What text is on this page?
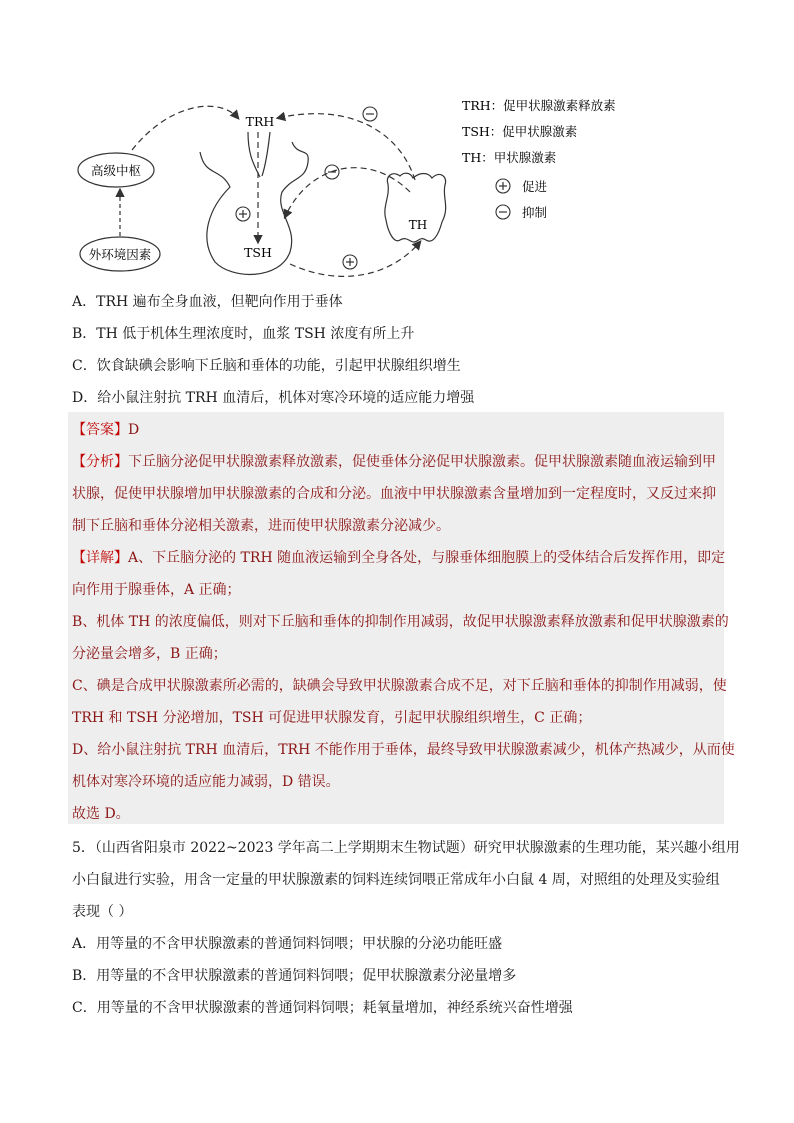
高级中枢
外环境因素
TRH
TSH
TH
TRH：促甲状腺激素释放素
TSH：促甲状腺激素
TH：甲状腺激素
促进
抑制
A．TRH 遍布全身血液，但靶向作用于垂体
B．TH 低于机体生理浓度时，血浆 TSH 浓度有所上升
C．饮食缺碘会影响下丘脑和垂体的功能，引起甲状腺组织增生
D．给小鼠注射抗 TRH 血清后，机体对寒冷环境的适应能力增强
【答案】D
【分析】下丘脑分泌促甲状腺激素释放激素，促使垂体分泌促甲状腺激素。促甲状腺激素随血液运输到甲
状腺，促使甲状腺增加甲状腺激素的合成和分泌。血液中甲状腺激素含量增加到一定程度时，又反过来抑
制下丘脑和垂体分泌相关激素，进而使甲状腺激素分泌减少。
【详解】A、下丘脑分泌的 TRH 随血液运输到全身各处，与腺垂体细胞膜上的受体结合后发挥作用，即定
向作用于腺垂体，A 正确；
B、机体 TH 的浓度偏低，则对下丘脑和垂体的抑制作用减弱，故促甲状腺激素释放激素和促甲状腺激素的
分泌量会增多，B 正确；
C、碘是合成甲状腺激素所必需的，缺碘会导致甲状腺激素合成不足，对下丘脑和垂体的抑制作用减弱，使
TRH 和 TSH 分泌增加，TSH 可促进甲状腺发育，引起甲状腺组织增生，C 正确；
D、给小鼠注射抗 TRH 血清后，TRH 不能作用于垂体，最终导致甲状腺激素减少，机体产热减少，从而使
机体对寒冷环境的适应能力减弱，D 错误。
故选 D。
5．（山西省阳泉市 2022~2023 学年高二上学期期末生物试题）研究甲状腺激素的生理功能，某兴趣小组用
小白鼠进行实验，用含一定量的甲状腺激素的饲料连续饲喂正常成年小白鼠 4 周，对照组的处理及实验组
表现（ ）
A．用等量的不含甲状腺激素的普通饲料饲喂；甲状腺的分泌功能旺盛
B．用等量的不含甲状腺激素的普通饲料饲喂；促甲状腺激素分泌量增多
C．用等量的不含甲状腺激素的普通饲料饲喂；耗氧量增加，神经系统兴奋性增强
